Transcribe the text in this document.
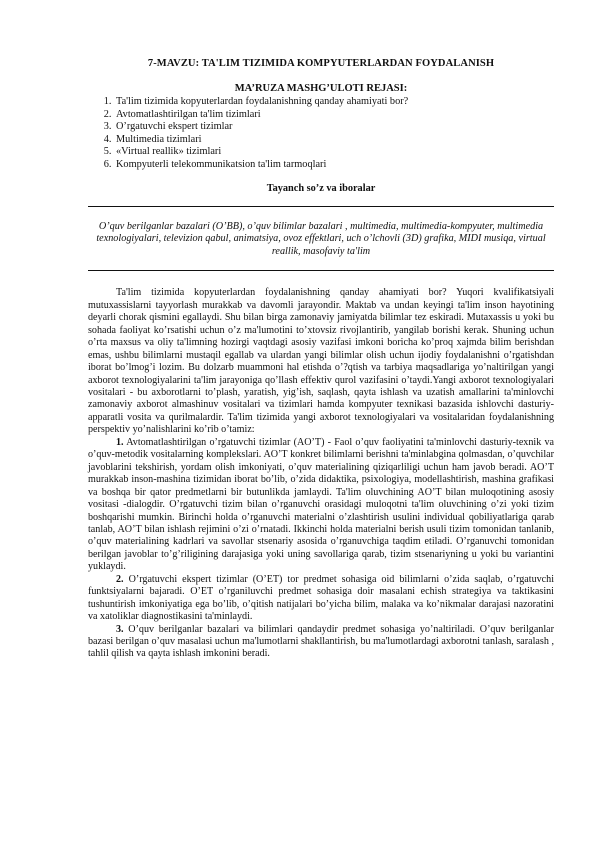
7-MAVZU: TA'LIM TIZIMIDA KOMPYUTERLARDAN FOYDALANISH
MA’RUZA MASHG’ULOTI REJASI:
1. Ta'lim tizimida kopyuterlardan foydalanishning qanday ahamiyati bor?
2. Avtomatlashtirilgan ta'lim tizimlari
3. O’rgatuvchi ekspert tizimlar
4. Multimedia tizimlari
5. «Virtual reallik» tizimlari
6. Kompyuterli telekommunikatsion ta'lim tarmoqlari
Tayanch so’z va iboralar
O’quv berilganlar bazalari (O’BB), o’quv bilimlar bazalari , multimedia, multimedia-kompyuter, multimedia texnologiyalari, televizion qabul, animatsiya, ovoz effektlari, uch o’lchovli (3D) grafika, MIDI musiqa, virtual reallik, masofaviy ta'lim

Ta'lim tizimida kopyuterlardan foydalanishning qanday ahamiyati bor? Yuqori kvalifikatsiyali mutuxassislarni tayyorlash murakkab va davomli jarayondir. Maktab va undan keyingi ta'lim inson hayotining deyarli chorak qismini egallaydi. Shu bilan birga zamonaviy jamiyatda bilimlar tez eskiradi. Mutaxassis u yoki bu sohada faoliyat ko’rsatishi uchun o’z ma'lumotini to’xtovsiz rivojlantirib, yangilab borishi kerak. Shuning uchun o’rta maxsus va oliy ta'limning hozirgi vaqtdagi asosiy vazifasi imkoni boricha ko’proq xajmda bilim berishdan emas, ushbu bilimlarni mustaqil egallab va ulardan yangi bilimlar olish uchun ijodiy foydalanishni o’rgatishdan iborat bo’lmog’i lozim. Bu dolzarb muammoni hal etishda o’?qtish va tarbiya maqsadlariga yo’naltirilgan yangi axborot texnologiyalarini ta'lim jarayoniga qo’llash effektiv qurol vazifasini o’taydi.Yangi axborot texnologiyalari vositalari - bu axborotlarni to’plash, yaratish, yig’ish, saqlash, qayta ishlash va uzatish amallarini ta'minlovchi zamonaviy axborot almashinuv vositalari va tizimlari hamda kompyuter texnikasi bazasida ishlovchi dasturiy-apparatli vosita va qurilmalardir. Ta'lim tizimida yangi axborot texnologiyalari va vositalaridan foydalanishning perspektiv yo’nalishlarini ko’rib o’tamiz:

1. Avtomatlashtirilgan o’rgatuvchi tizimlar (AO’T) - Faol o’quv faoliyatini ta'minlovchi dasturiy-texnik va o’quv-metodik vositalarning komplekslari. AO’T konkret bilimlarni berishni ta'minlabgina qolmasdan, o’quvchilar javoblarini tekshirish, yordam olish imkoniyati, o’quv materialining qiziqarliligi uchun ham javob beradi. AO’T murakkab inson-mashina tizimidan iborat bo’lib, o’zida didaktika, psixologiya, modellashtirish, mashina grafikasi va boshqa bir qator predmetlarni bir butunlikda jamlaydi. Ta'lim oluvchining AO’T bilan muloqotining asosiy vositasi -dialogdir. O’rgatuvchi tizim bilan o’rganuvchi orasidagi muloqotni ta'lim oluvchining o’zi yoki tizim boshqarishi mumkin. Birinchi holda o’rganuvchi materialni o’zlashtirish usulini individual qobiliyatlariga qarab tanlab, AO’T bilan ishlash rejimini o’zi o’rnatadi. Ikkinchi holda materialni berish usuli tizim tomonidan tanlanib, o’quv materialining kadrlari va savollar stsenariy asosida o’rganuvchiga taqdim etiladi. O’rganuvchi tomonidan berilgan javoblar to’g’riligining darajasiga yoki uning savollariga qarab, tizim stsenariyning u yoki bu variantini yuklaydi.

2. O’rgatuvchi ekspert tizimlar (O’ET) tor predmet sohasiga oid bilimlarni o’zida saqlab, o’rgatuvchi funktsiyalarni bajaradi. O’ET o’rganiluvchi predmet sohasiga doir masalani echish strategiya va taktikasini tushuntirish imkoniyatiga ega bo’lib, o’qitish natijalari bo’yicha bilim, malaka va ko’nikmalar darajasi nazoratini va xatoliklar diagnostikasini ta'minlaydi.

3. O’quv berilganlar bazalari va bilimlari qandaydir predmet sohasiga yo’naltiriladi. O’quv berilganlar bazasi berilgan o’quv masalasi uchun ma'lumotlarni shakllantirish, bu ma'lumotlardagi axborotni tanlash, saralash , tahlil qilish va qayta ishlash imkonini beradi.
